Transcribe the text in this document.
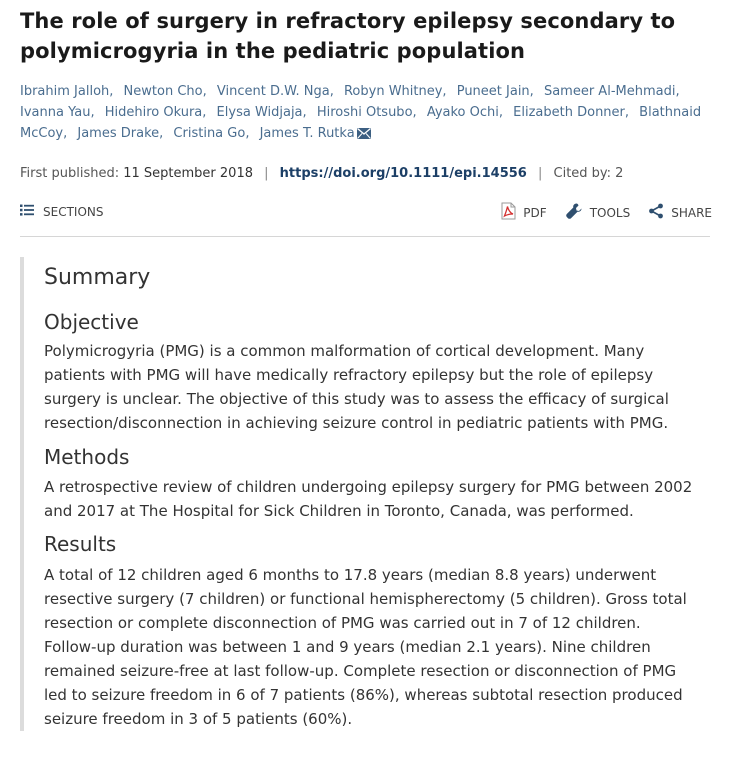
The role of surgery in refractory epilepsy secondary to polymicrogyria in the pediatric population
Ibrahim Jalloh, Newton Cho, Vincent D.W. Nga, Robyn Whitney, Puneet Jain, Sameer Al-Mehmadi,
Ivanna Yau, Hidehiro Okura, Elysa Widjaja, Hiroshi Otsubo, Ayako Ochi, Elizabeth Donner, Blathnaid
McCoy, James Drake, Cristina Go, James T. Rutka
First published: 11 September 2018 | https://doi.org/10.1111/epi.14556 | Cited by: 2
SECTIONS	PDF	TOOLS	SHARE
Summary
Objective

Polymicrogyria (PMG) is a common malformation of cortical development. Many patients with PMG will have medically refractory epilepsy but the role of epilepsy surgery is unclear. The objective of this study was to assess the efficacy of surgical resection/disconnection in achieving seizure control in pediatric patients with PMG.

Methods

A retrospective review of children undergoing epilepsy surgery for PMG between 2002 and 2017 at The Hospital for Sick Children in Toronto, Canada, was performed.

Results

A total of 12 children aged 6 months to 17.8 years (median 8.8 years) underwent resective surgery (7 children) or functional hemispherectomy (5 children). Gross total resection or complete disconnection of PMG was carried out in 7 of 12 children. Follow-up duration was between 1 and 9 years (median 2.1 years). Nine children remained seizure-free at last follow-up. Complete resection or disconnection of PMG led to seizure freedom in 6 of 7 patients (86%), whereas subtotal resection produced seizure freedom in 3 of 5 patients (60%).
